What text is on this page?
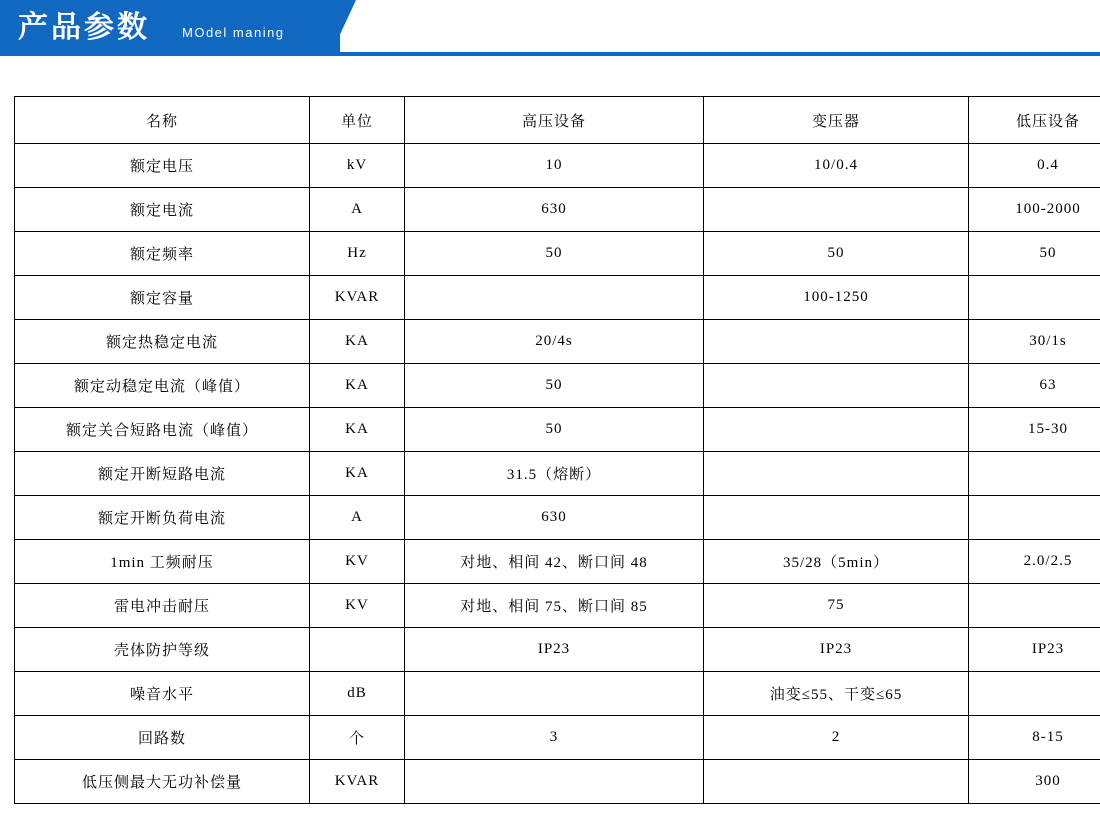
产品参数 MOdel maning
名称	单位	高压设备	变压器	低压设备
额定电压	kV	10	10/0.4	0.4
额定电流	A	630		100-2000
额定频率	Hz	50	50	50
额定容量	KVAR		100-1250	
额定热稳定电流	KA	20/4s		30/1s
额定动稳定电流（峰值）	KA	50		63
额定关合短路电流（峰值）	KA	50		15-30
额定开断短路电流	KA	31.5（熔断）		
额定开断负荷电流	A	630		
1min 工频耐压	KV	对地、相间 42、断口间 48	35/28（5min）	2.0/2.5
雷电冲击耐压	KV	对地、相间 75、断口间 85	75	
壳体防护等级		IP23	IP23	IP23
噪音水平	dB		油变≤55、干变≤65	
回路数	个	3	2	8-15
低压侧最大无功补偿量	KVAR			300
